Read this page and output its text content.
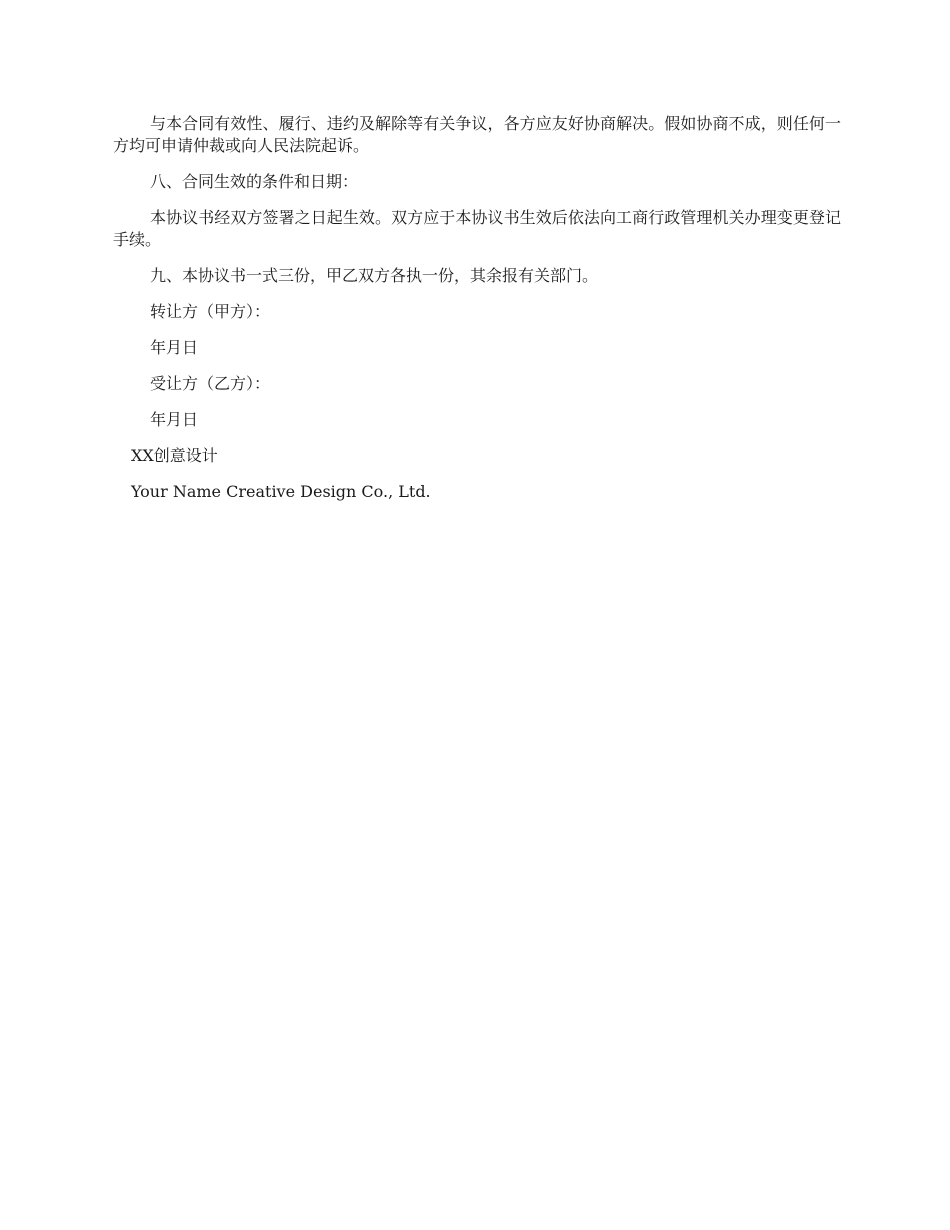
与本合同有效性、履行、违约及解除等有关争议，各方应友好协商解决。假如协商不成，则任何一方均可申请仲裁或向人民法院起诉。

八、合同生效的条件和日期：

本协议书经双方签署之日起生效。双方应于本协议书生效后依法向工商行政管理机关办理变更登记手续。

九、本协议书一式三份，甲乙双方各执一份，其余报有关部门。

转让方（甲方）：
年月日
受让方（乙方）：
年月日
XX创意设计
Your Name Creative Design Co., Ltd.
